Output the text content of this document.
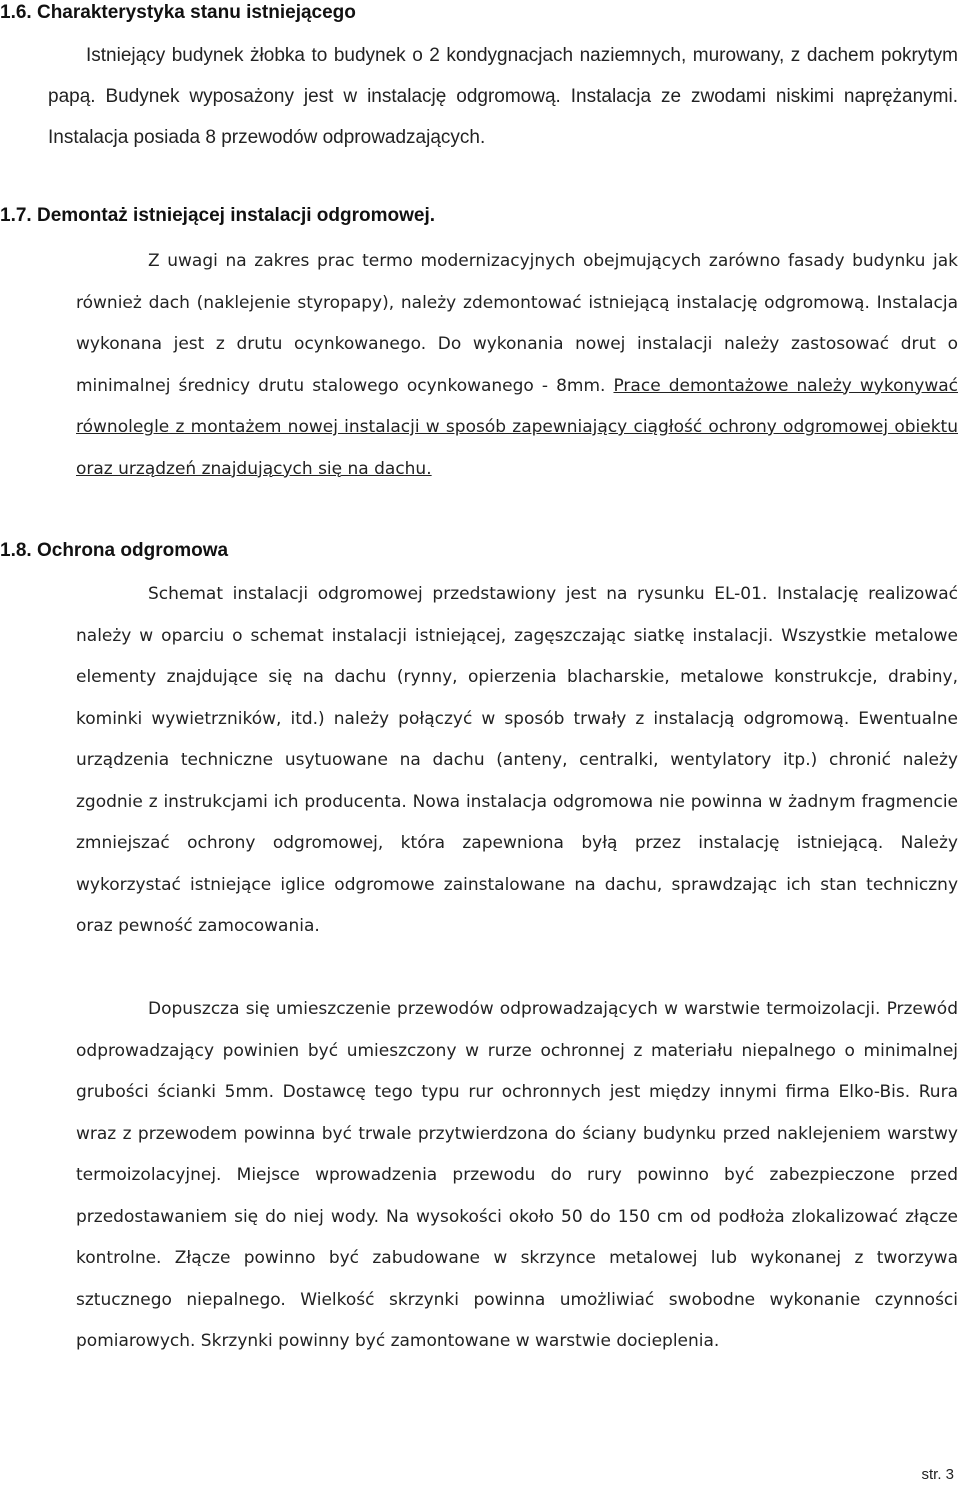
1.6. Charakterystyka stanu istniejącego

Istniejący budynek żłobka to budynek o 2 kondygnacjach naziemnych, murowany, z dachem pokrytym papą. Budynek wyposażony jest w instalację odgromową. Instalacja ze zwodami niskimi naprężanymi. Instalacja posiada 8 przewodów odprowadzających.

1.7. Demontaż istniejącej instalacji odgromowej.

Z uwagi na zakres prac termo modernizacyjnych obejmujących zarówno fasady budynku jak również dach (naklejenie styropapy), należy zdemontować istniejącą instalację odgromową. Instalacja wykonana jest z drutu ocynkowanego. Do wykonania nowej instalacji należy zastosować drut o minimalnej średnicy drutu stalowego ocynkowanego - 8mm. Prace demontażowe należy wykonywać równolegle z montażem nowej instalacji w sposób zapewniający ciągłość ochrony odgromowej obiektu oraz urządzeń znajdujących się na dachu.

1.8. Ochrona odgromowa

Schemat instalacji odgromowej przedstawiony jest na rysunku EL-01. Instalację realizować należy w oparciu o schemat instalacji istniejącej, zagęszczając siatkę instalacji. Wszystkie metalowe elementy znajdujące się na dachu (rynny, opierzenia blacharskie, metalowe konstrukcje, drabiny, kominki wywietrzników, itd.) należy połączyć w sposób trwały z instalacją odgromową. Ewentualne urządzenia techniczne usytuowane na dachu (anteny, centralki, wentylatory itp.) chronić należy zgodnie z instrukcjami ich producenta. Nowa instalacja odgromowa nie powinna w żadnym fragmencie zmniejszać ochrony odgromowej, która zapewniona byłą przez instalację istniejącą. Należy wykorzystać istniejące iglice odgromowe zainstalowane na dachu, sprawdzając ich stan techniczny oraz pewność zamocowania.

Dopuszcza się umieszczenie przewodów odprowadzających w warstwie termoizolacji. Przewód odprowadzający powinien być umieszczony w rurze ochronnej z materiału niepalnego o minimalnej grubości ścianki 5mm. Dostawcę tego typu rur ochronnych jest między innymi firma Elko-Bis. Rura wraz z przewodem powinna być trwale przytwierdzona do ściany budynku przed naklejeniem warstwy termoizolacyjnej. Miejsce wprowadzenia przewodu do rury powinno być zabezpieczone przed przedostawaniem się do niej wody. Na wysokości około 50 do 150 cm od podłoża zlokalizować złącze kontrolne. Złącze powinno być zabudowane w skrzynce metalowej lub wykonanej z tworzywa sztucznego niepalnego. Wielkość skrzynki powinna umożliwiać swobodne wykonanie czynności pomiarowych. Skrzynki powinny być zamontowane w warstwie docieplenia.

str. 3
